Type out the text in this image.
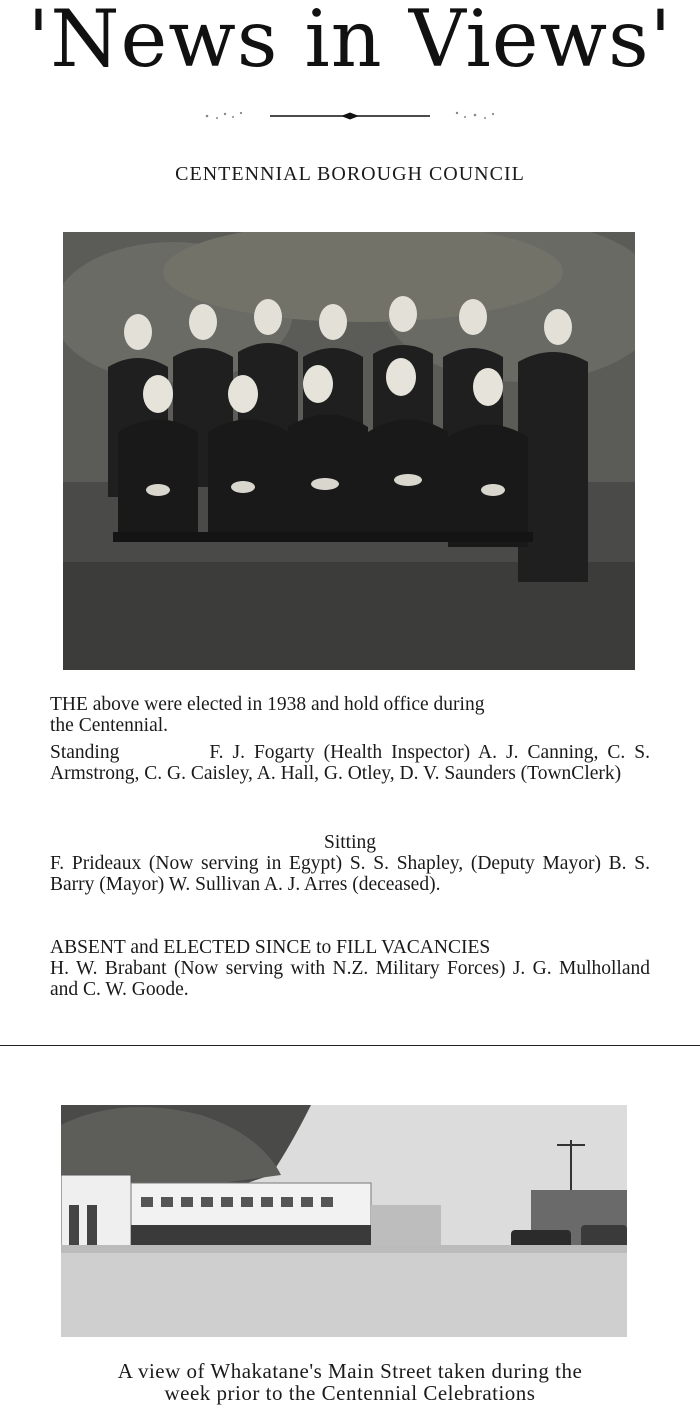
'News in Views'
CENTENNIAL BOROUGH COUNCIL
THE above were elected in 1938 and hold office during
the Centennial.
Standing	F. J. Fogarty (Health Inspector) A. J. Canning, C. S. Armstrong, C. G. Caisley, A. Hall, G. Otley, D. V. Saunders (TownClerk)
Sitting
F. Prideaux (Now serving in Egypt) S. S. Shapley, (Deputy Mayor) B. S. Barry (Mayor) W. Sullivan A. J. Arres (deceased).
ABSENT and ELECTED SINCE to FILL VACANCIES
H. W. Brabant (Now serving with N.Z. Military Forces) J. G. Mulholland and C. W. Goode.
A view of Whakatane's Main Street taken during the
week prior to the Centennial Celebrations
